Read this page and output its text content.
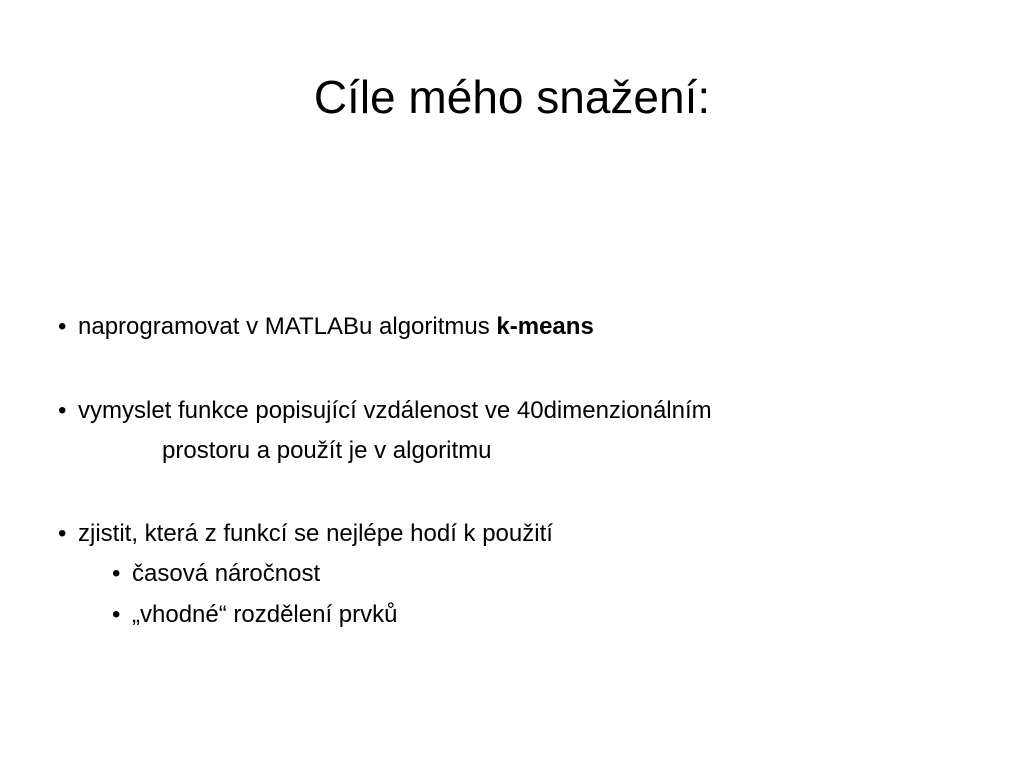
Cíle mého snažení:
• naprogramovat v MATLABu algoritmus k-means
• vymyslet funkce popisující vzdálenost ve 40dimenzionálním
prostoru a použít je v algoritmu
• zjistit, která z funkcí se nejlépe hodí k použití
• časová náročnost
• „vhodné“ rozdělení prvků
